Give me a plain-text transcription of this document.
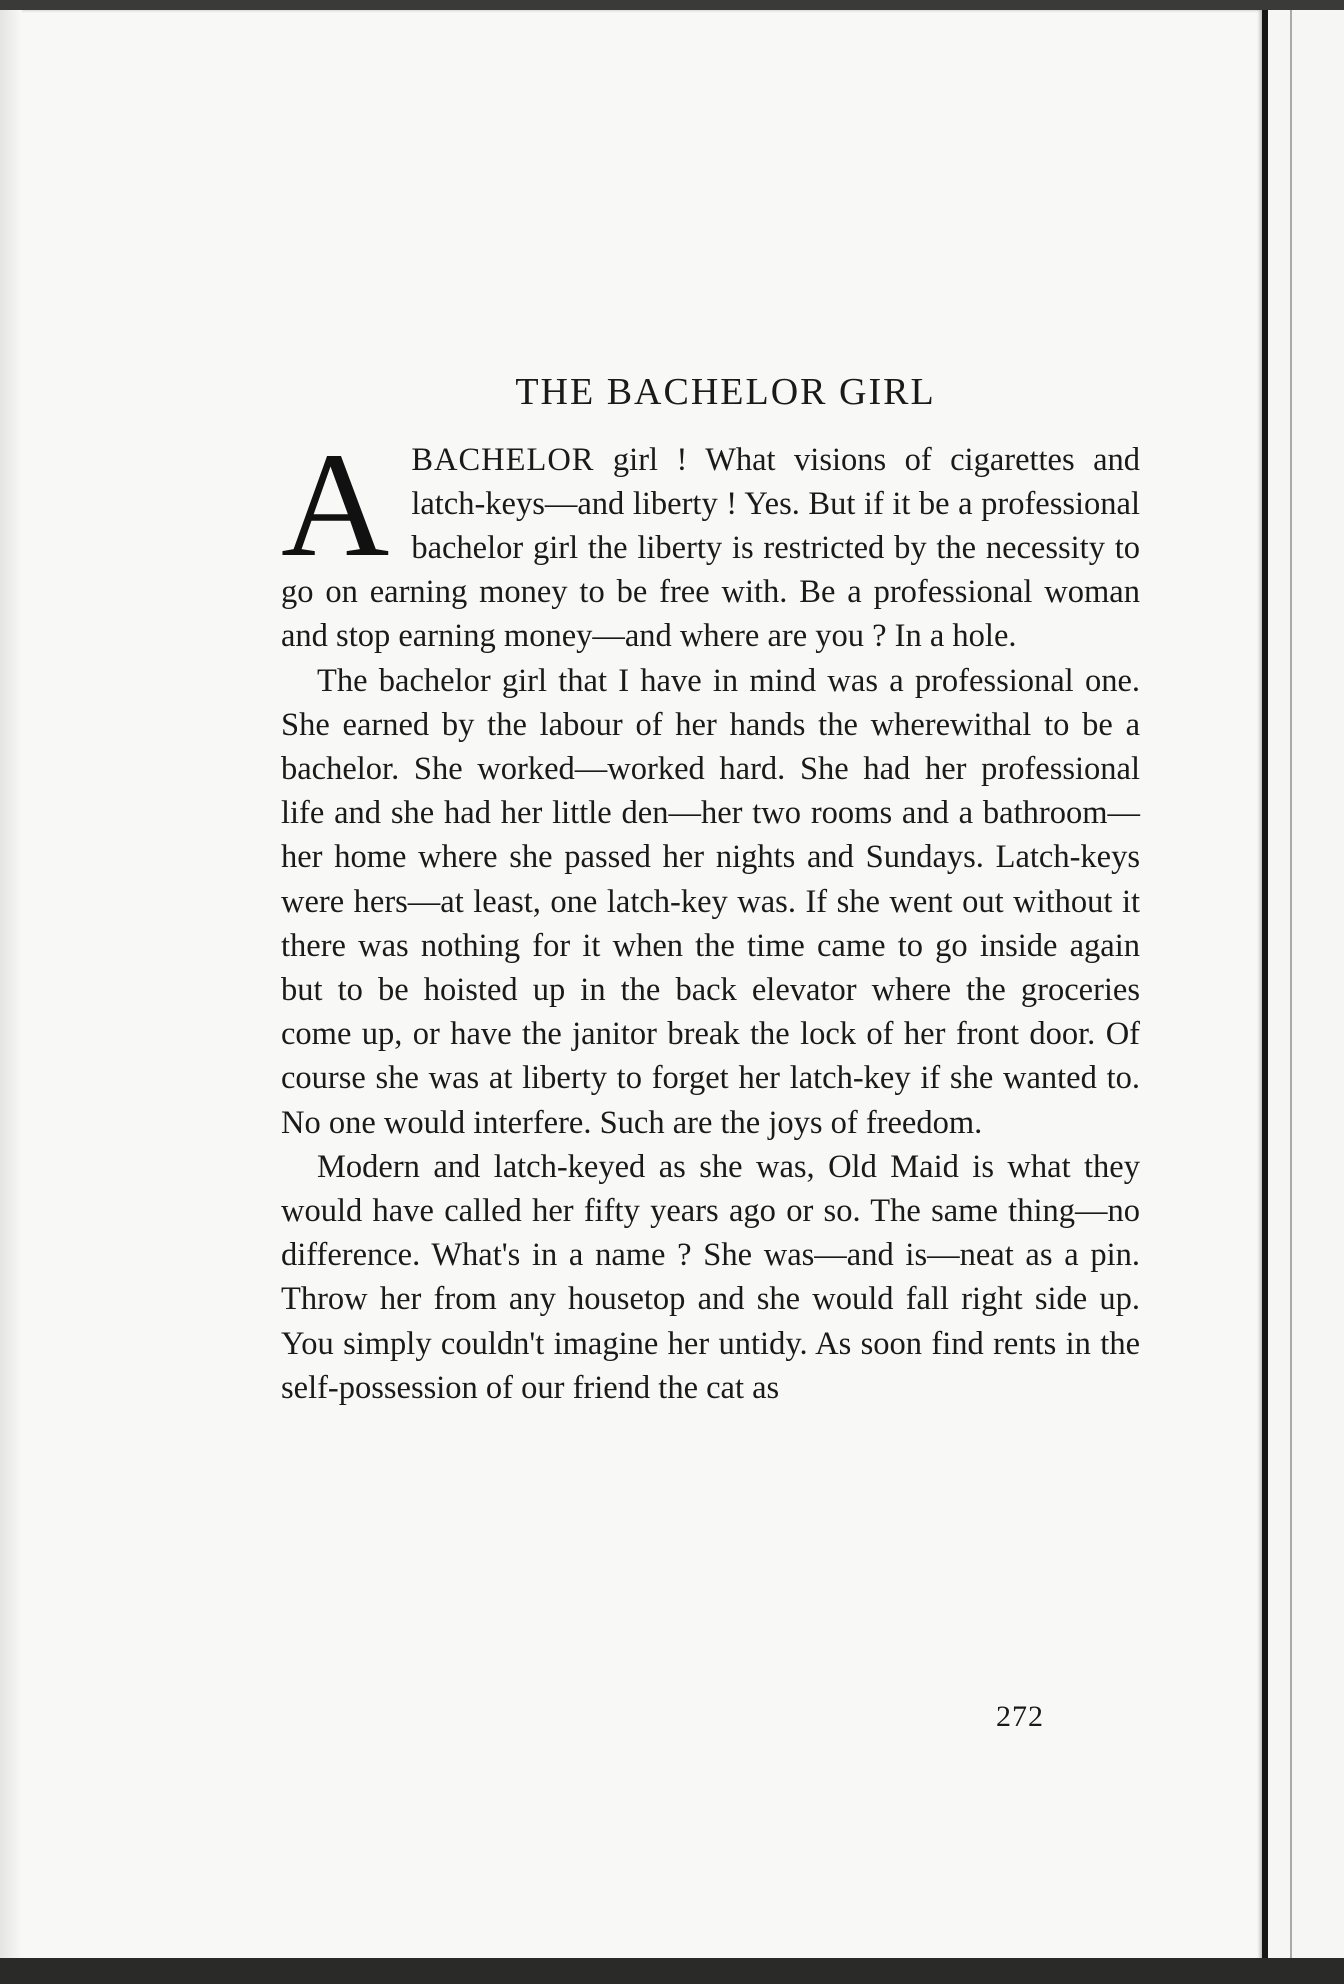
THE BACHELOR GIRL

ABACHELOR girl ! What visions of cigarettes and latch-keys—and liberty ! Yes. But if it be a professional bachelor girl the liberty is restricted by the necessity to go on earning money to be free with. Be a professional woman and stop earning money—and where are you ? In a hole.

The bachelor girl that I have in mind was a professional one. She earned by the labour of her hands the wherewithal to be a bachelor. She worked—worked hard. She had her professional life and she had her little den—her two rooms and a bathroom—her home where she passed her nights and Sundays. Latch-keys were hers—at least, one latch-key was. If she went out without it there was nothing for it when the time came to go inside again but to be hoisted up in the back elevator where the groceries come up, or have the janitor break the lock of her front door. Of course she was at liberty to forget her latch-key if she wanted to. No one would interfere. Such are the joys of freedom.

Modern and latch-keyed as she was, Old Maid is what they would have called her fifty years ago or so. The same thing—no difference. What's in a name ? She was—and is—neat as a pin. Throw her from any housetop and she would fall right side up. You simply couldn't imagine her untidy. As soon find rents in the self-possession of our friend the cat as

272
